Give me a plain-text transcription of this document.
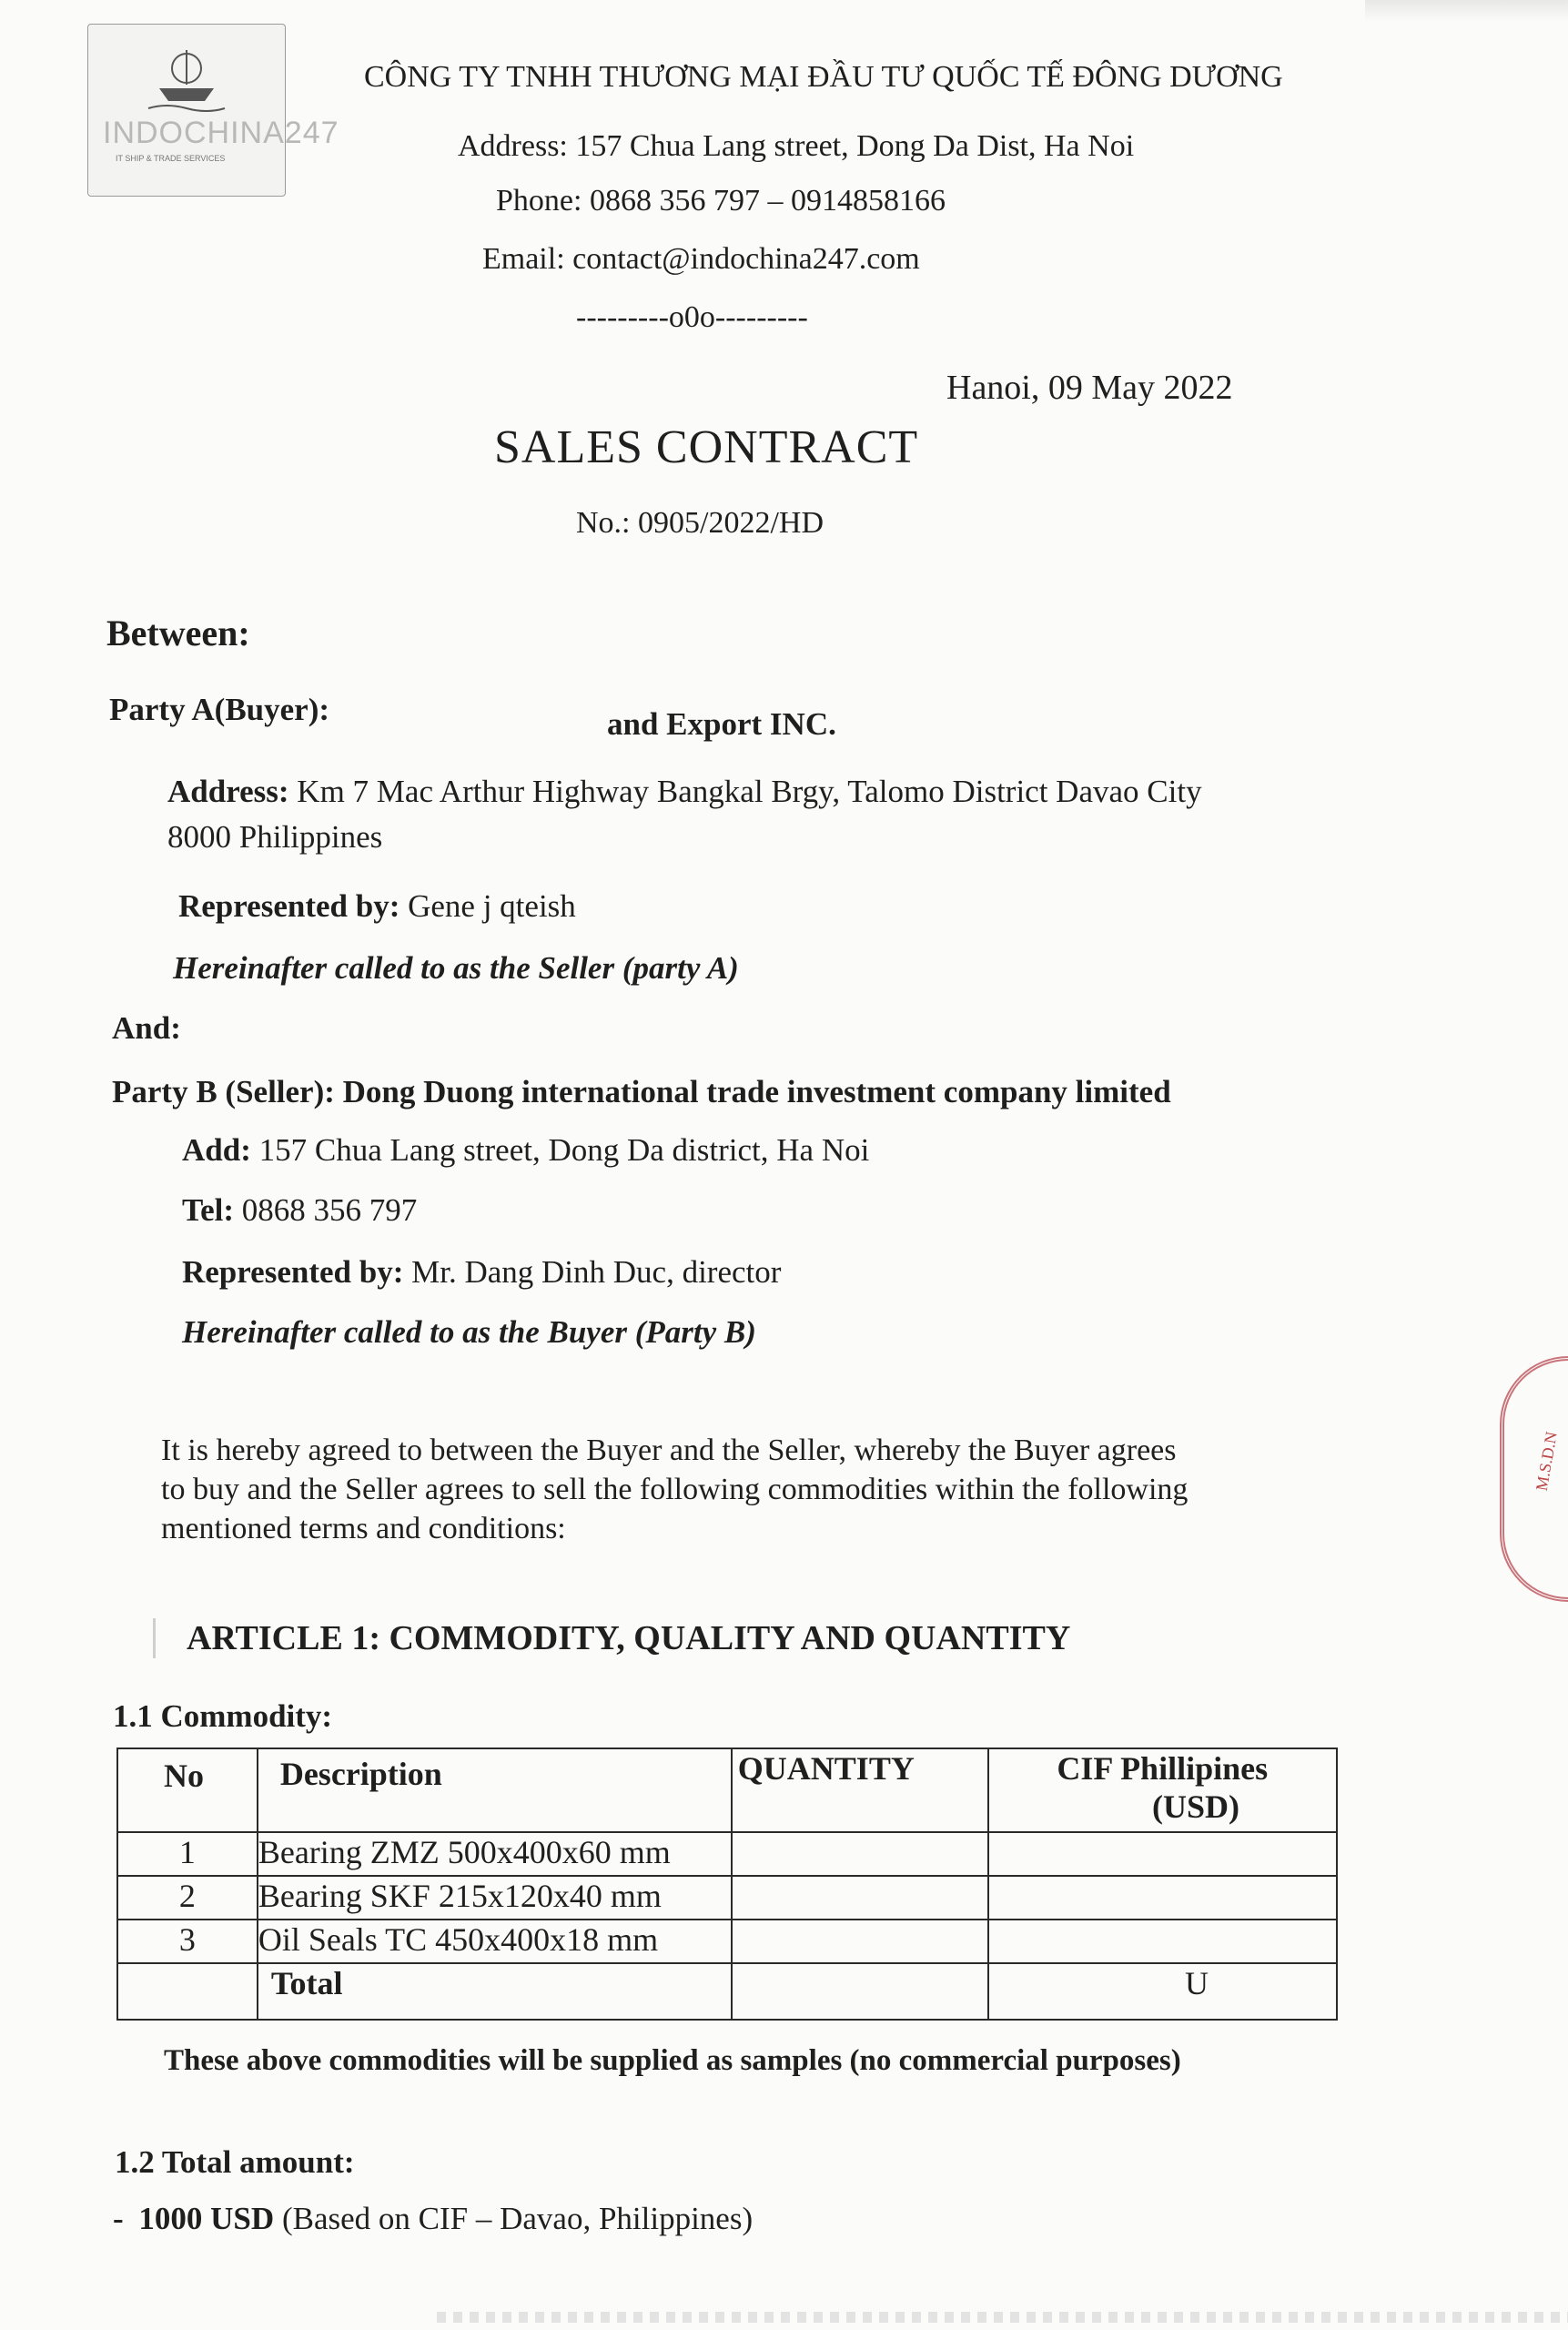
INDOCHINA247
IT SHIP & TRADE SERVICES
CÔNG TY TNHH THƯƠNG MẠI ĐẦU TƯ QUỐC TẾ ĐÔNG DƯƠNG
Address: 157 Chua Lang street, Dong Da Dist, Ha Noi
Phone: 0868 356 797 – 0914858166
Email: contact@indochina247.com
---------o0o---------
Hanoi, 09 May 2022
SALES CONTRACT
No.: 0905/2022/HD
Between:
Party A(Buyer):	and Export INC.
Address: Km 7 Mac Arthur Highway Bangkal Brgy, Talomo District Davao City
8000 Philippines
Represented by: Gene j qteish
Hereinafter called to as the Seller (party A)
And:
Party B (Seller): Dong Duong international trade investment company limited
Add: 157 Chua Lang street, Dong Da district, Ha Noi
Tel: 0868 356 797
Represented by: Mr. Dang Dinh Duc, director
Hereinafter called to as the Buyer (Party B)
It is hereby agreed to between the Buyer and the Seller, whereby the Buyer agrees
to buy and the Seller agrees to sell the following commodities within the following
mentioned terms and conditions:
ARTICLE 1: COMMODITY, QUALITY AND QUANTITY
1.1 Commodity:
No	Description	QUANTITY	CIF Phillipines
(USD)

1	Bearing ZMZ 500x400x60 mm		
2	Bearing SKF 215x120x40 mm		
3	Oil Seals TC 450x400x18 mm		
	Total		U
These above commodities will be supplied as samples (no commercial purposes)
1.2 Total amount:
- 1000 USD (Based on CIF – Davao, Philippines)
M.S.D.N
